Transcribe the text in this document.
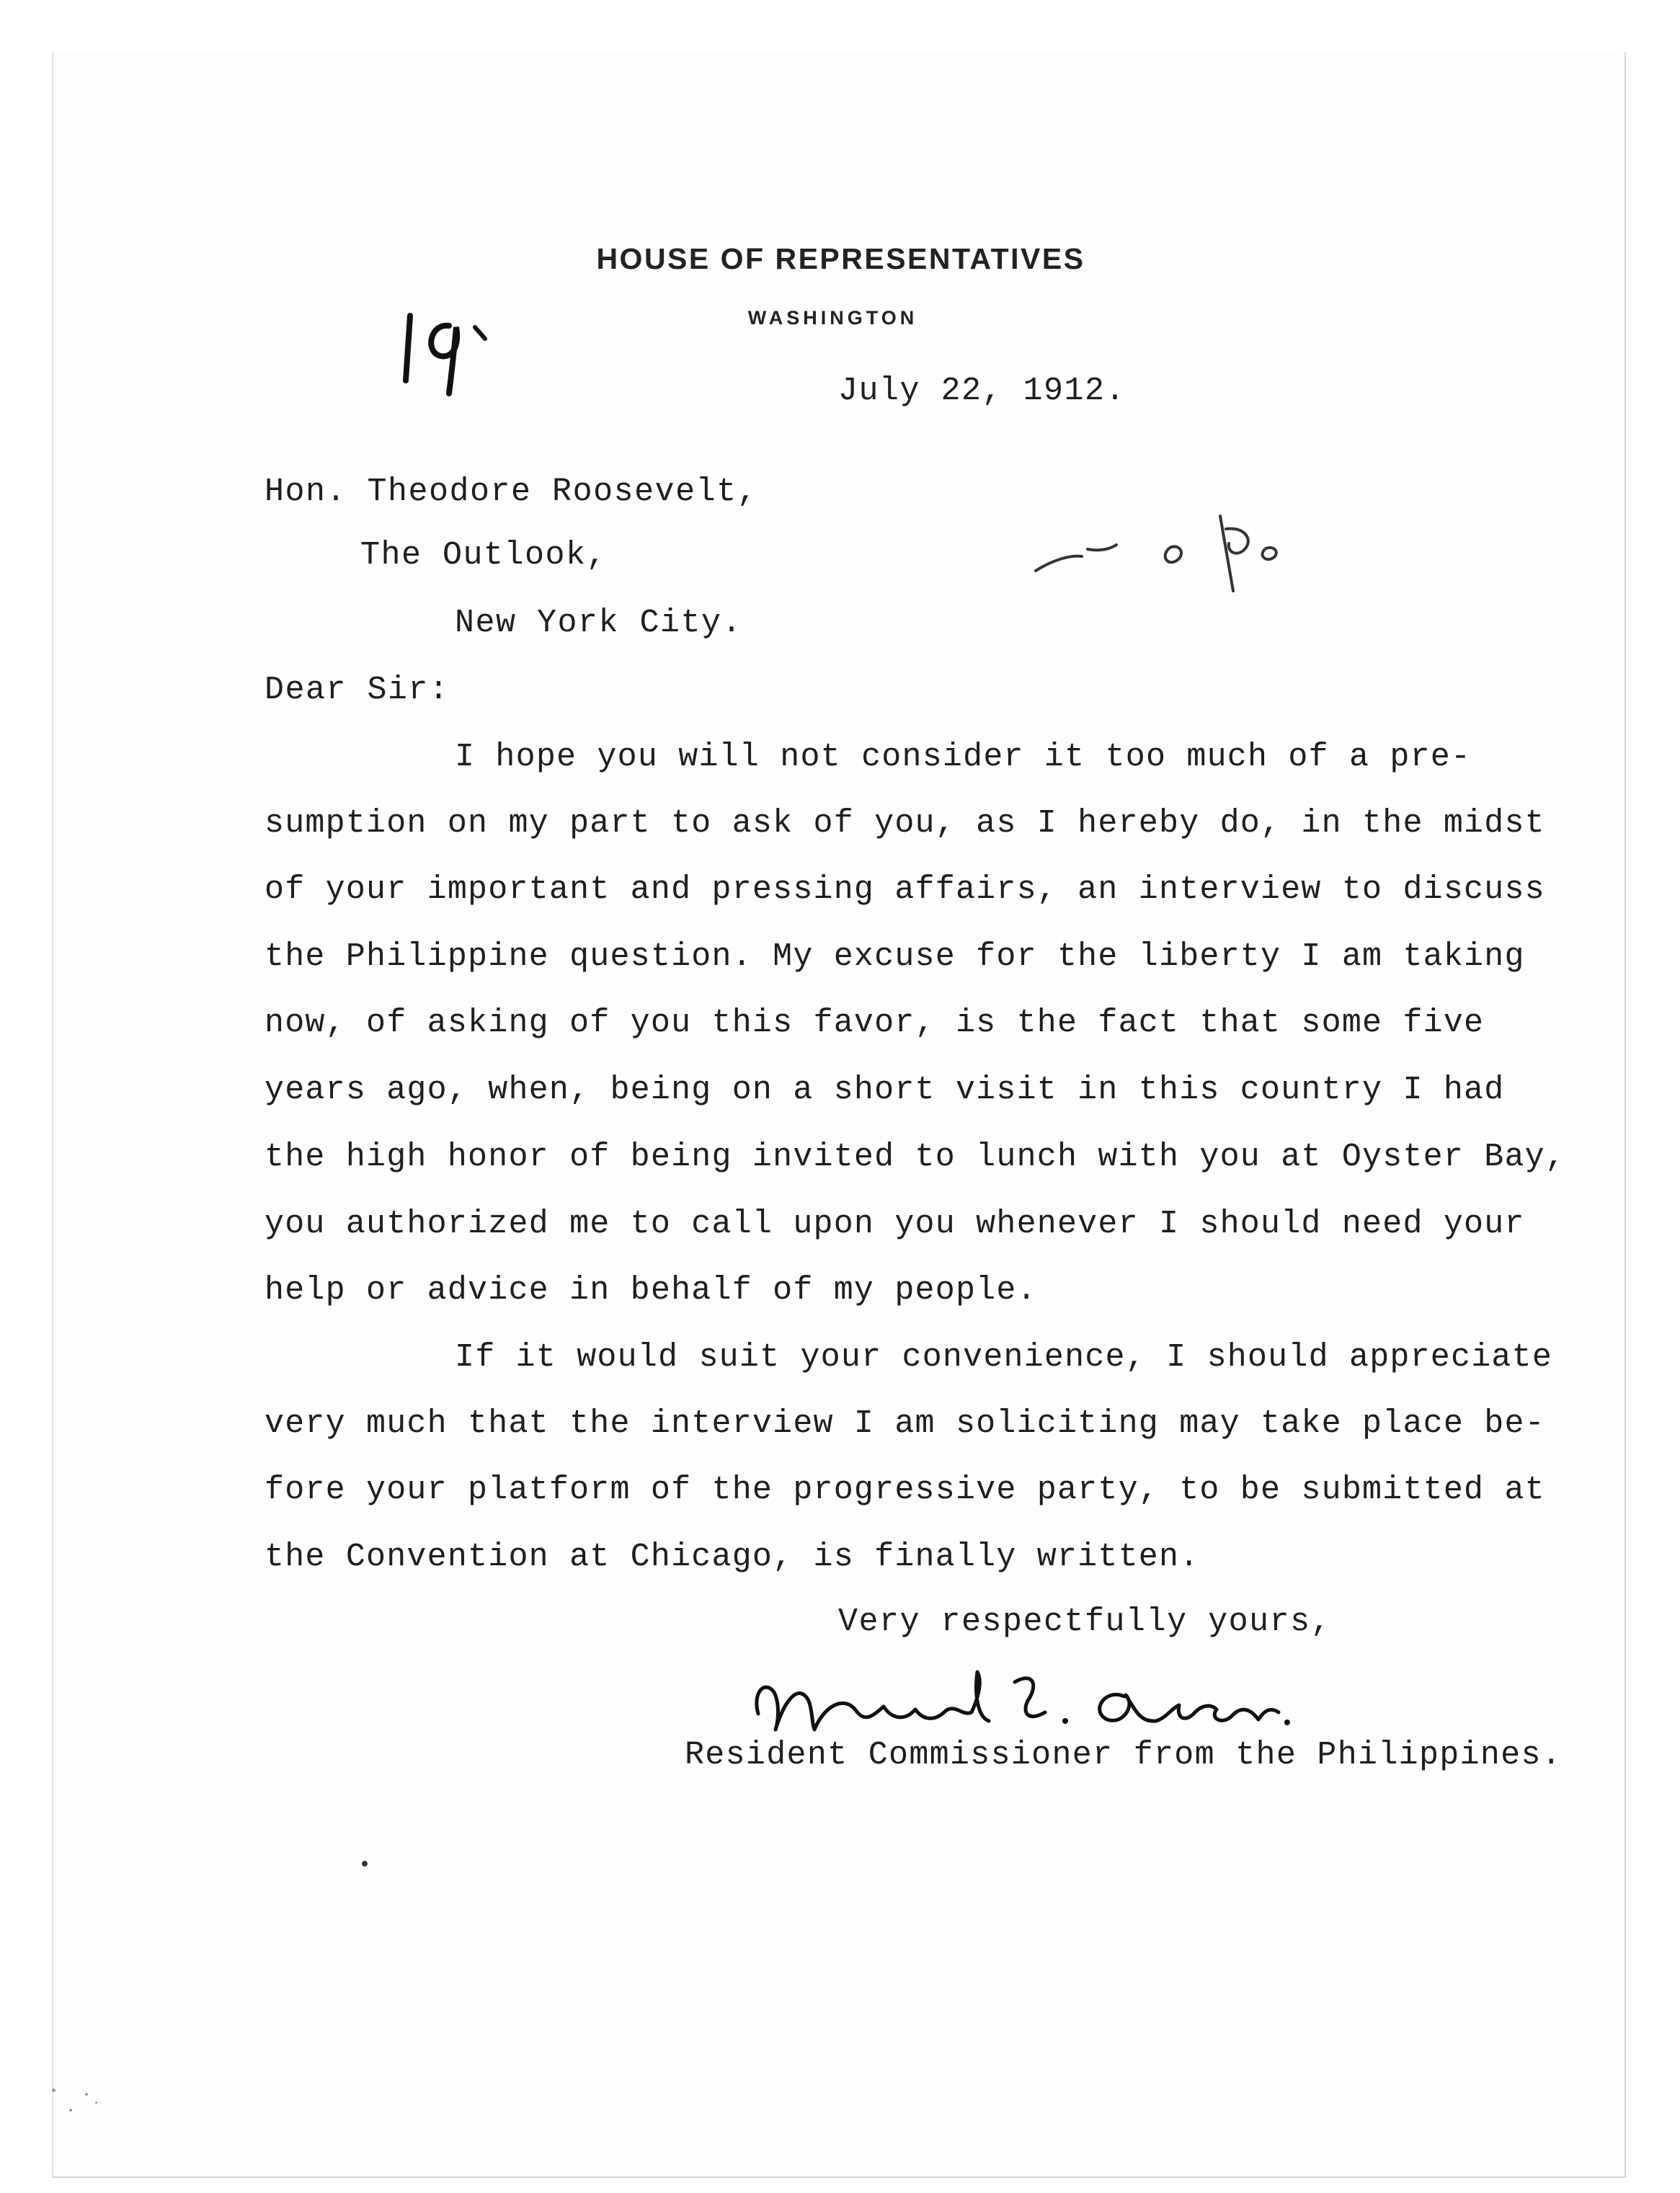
HOUSE OF REPRESENTATIVES
WASHINGTON
July 22, 1912.
Hon. Theodore Roosevelt,
The Outlook,
New York City.
Dear Sir:
I hope you will not consider it too much of a pre-
sumption on my part to ask of you, as I hereby do, in the midst
of your important and pressing affairs, an interview to discuss
the Philippine question. My excuse for the liberty I am taking
now, of asking of you this favor, is the fact that some five
years ago, when, being on a short visit in this country I had
the high honor of being invited to lunch with you at Oyster Bay,
you authorized me to call upon you whenever I should need your
help or advice in behalf of my people.
If it would suit your convenience, I should appreciate
very much that the interview I am soliciting may take place be-
fore your platform of the progressive party, to be submitted at
the Convention at Chicago, is finally written.
Very respectfully yours,
Resident Commissioner from the Philippines.
